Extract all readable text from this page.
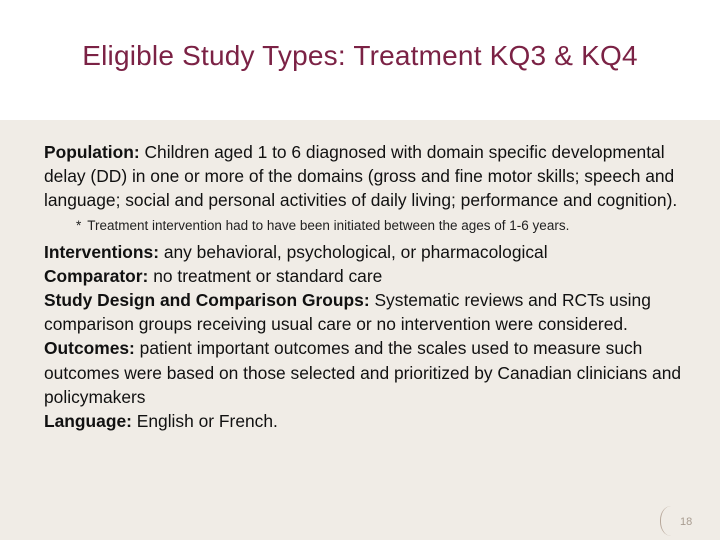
Eligible Study Types: Treatment KQ3 & KQ4

Population: Children aged 1 to 6 diagnosed with domain specific developmental delay (DD) in one or more of the domains (gross and fine motor skills; speech and language; social and personal activities of daily living; performance and cognition).

* Treatment intervention had to have been initiated between the ages of 1-6 years.

Interventions: any behavioral, psychological, or pharmacological

Comparator: no treatment or standard care

Study Design and Comparison Groups: Systematic reviews and RCTs using comparison groups receiving usual care or no intervention were considered.

Outcomes: patient important outcomes and the scales used to measure such outcomes were based on those selected and prioritized by Canadian clinicians and policymakers

Language: English or French.

18
